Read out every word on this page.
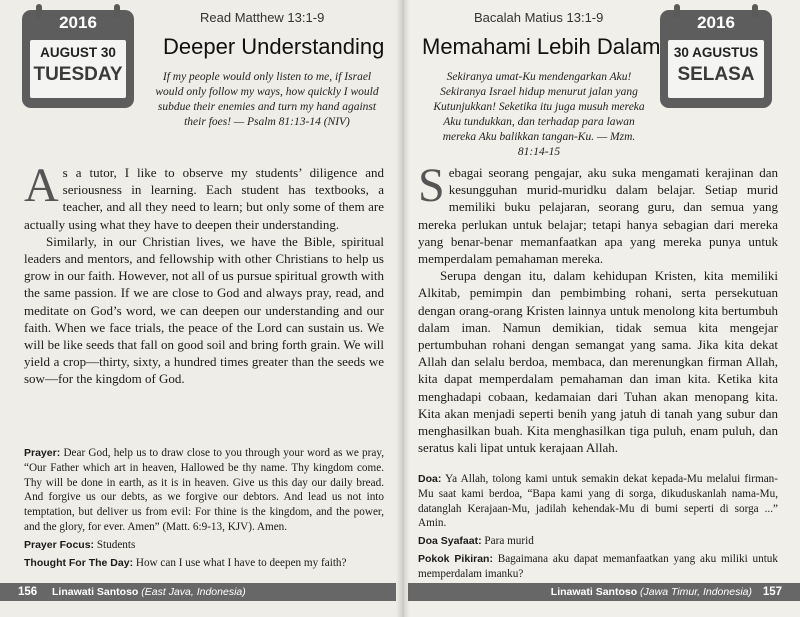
2016
AUGUST 30
TUESDAY
Read Matthew 13:1-9
Deeper Understanding
If my people would only listen to me, if Israel would only follow my ways, how quickly I would subdue their enemies and turn my hand against their foes! — Psalm 81:13-14 (NIV)

As a tutor, I like to observe my students’ diligence and seriousness in learning. Each student has textbooks, a teacher, and all they need to learn; but only some of them are actually using what they have to deepen their understanding.

Similarly, in our Christian lives, we have the Bible, spiritual leaders and mentors, and fellowship with other Christians to help us grow in our faith. However, not all of us pursue spiritual growth with the same passion. If we are close to God and always pray, read, and meditate on God’s word, we can deepen our understanding and our faith. When we face trials, the peace of the Lord can sustain us. We will be like seeds that fall on good soil and bring forth grain. We will yield a crop—thirty, sixty, a hundred times greater than the seeds we sow—for the kingdom of God.

Prayer: Dear God, help us to draw close to you through your word as we pray, “Our Father which art in heaven, Hallowed be thy name. Thy kingdom come. Thy will be done in earth, as it is in heaven. Give us this day our daily bread. And forgive us our debts, as we forgive our debtors. And lead us not into temptation, but deliver us from evil: For thine is the kingdom, and the power, and the glory, for ever. Amen” (Matt. 6:9-13, KJV). Amen.

Prayer Focus: Students

Thought For The Day: How can I use what I have to deepen my faith?

156 Linawati Santoso (East Java, Indonesia)
Bacalah Matius 13:1-9
Memahami Lebih Dalam
Sekiranya umat-Ku mendengarkan Aku! Sekiranya Israel hidup menurut jalan yang Kutunjukkan! Seketika itu juga musuh mereka Aku tundukkan, dan terhadap para lawan mereka Aku balikkan tangan-Ku. — Mzm. 81:14-15
2016
30 AGUSTUS
SELASA

Sebagai seorang pengajar, aku suka mengamati kerajinan dan kesungguhan murid-muridku dalam belajar. Setiap murid memiliki buku pelajaran, seorang guru, dan semua yang mereka perlukan untuk belajar; tetapi hanya sebagian dari mereka yang benar-benar memanfaatkan apa yang mereka punya untuk memperdalam pemahaman mereka.

Serupa dengan itu, dalam kehidupan Kristen, kita memiliki Alkitab, pemimpin dan pembimbing rohani, serta persekutuan dengan orang-orang Kristen lainnya untuk menolong kita bertumbuh dalam iman. Namun demikian, tidak semua kita mengejar pertumbuhan rohani dengan semangat yang sama. Jika kita dekat Allah dan selalu berdoa, membaca, dan merenungkan firman Allah, kita dapat memperdalam pemahaman dan iman kita. Ketika kita menghadapi cobaan, kedamaian dari Tuhan akan menopang kita. Kita akan menjadi seperti benih yang jatuh di tanah yang subur dan menghasilkan buah. Kita menghasilkan tiga puluh, enam puluh, dan seratus kali lipat untuk kerajaan Allah.

Doa: Ya Allah, tolong kami untuk semakin dekat kepada-Mu melalui firman-Mu saat kami berdoa, “Bapa kami yang di sorga, dikuduskanlah nama-Mu, datanglah Kerajaan-Mu, jadilah kehendak-Mu di bumi seperti di sorga ...” Amin.

Doa Syafaat: Para murid

Pokok Pikiran: Bagaimana aku dapat memanfaatkan yang aku miliki untuk memperdalam imanku?

Linawati Santoso (Jawa Timur, Indonesia) 157
